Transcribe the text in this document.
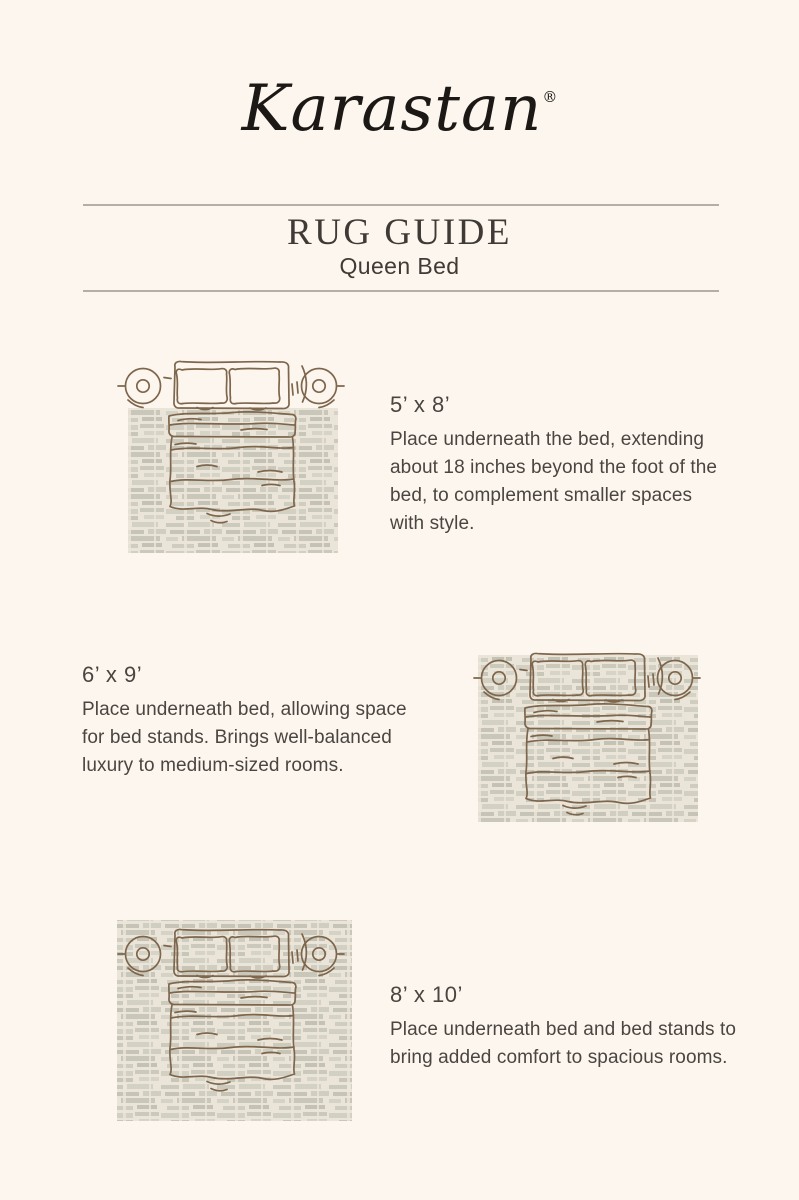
Karastan®
RUG GUIDE
Queen Bed
5’ x 8’

Place underneath the bed, extending about 18 inches beyond the foot of the bed, to complement smaller spaces with style.

6’ x 9’

Place underneath bed, allowing space for bed stands. Brings well-balanced luxury to medium-sized rooms.

8’ x 10’

Place underneath bed and bed stands to bring added comfort to spacious rooms.
